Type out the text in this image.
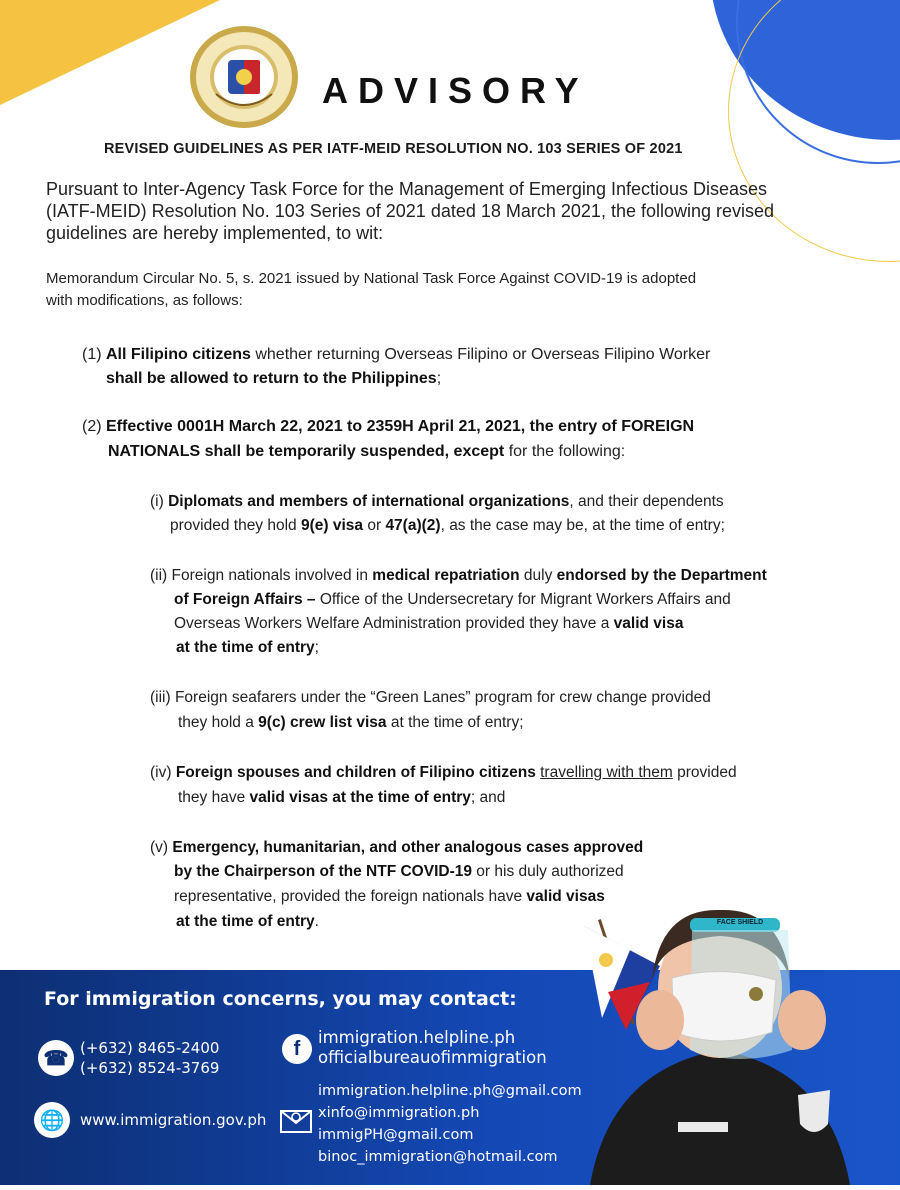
ADVISORY
REVISED GUIDELINES AS PER IATF-MEID RESOLUTION NO. 103 SERIES OF 2021
Pursuant to Inter-Agency Task Force for the Management of Emerging Infectious Diseases
(IATF-MEID) Resolution No. 103 Series of 2021 dated 18 March 2021, the following revised
guidelines are hereby implemented, to wit:
Memorandum Circular No. 5, s. 2021 issued by National Task Force Against COVID-19 is adopted
with modifications, as follows:
(1) All Filipino citizens whether returning Overseas Filipino or Overseas Filipino Worker
shall be allowed to return to the Philippines;
(2) Effective 0001H March 22, 2021 to 2359H April 21, 2021, the entry of FOREIGN
NATIONALS shall be temporarily suspended, except for the following:
(i) Diplomats and members of international organizations, and their dependents
provided they hold 9(e) visa or 47(a)(2), as the case may be, at the time of entry;
(ii) Foreign nationals involved in medical repatriation duly endorsed by the Department
of Foreign Affairs – Office of the Undersecretary for Migrant Workers Affairs and
Overseas Workers Welfare Administration provided they have a valid visa
at the time of entry;
(iii) Foreign seafarers under the “Green Lanes” program for crew change provided
they hold a 9(c) crew list visa at the time of entry;
(iv) Foreign spouses and children of Filipino citizens travelling with them provided
they have valid visas at the time of entry; and
(v) Emergency, humanitarian, and other analogous cases approved
by the Chairperson of the NTF COVID-19 or his duly authorized
representative, provided the foreign nationals have valid visas
at the time of entry.
For immigration concerns, you may contact:
☎ (+632) 8465-2400
(+632) 8524-3769
🌐	www.immigration.gov.ph
f	immigration.helpline.ph
officialbureauofimmigration
immigration.helpline.ph@gmail.com
xinfo@immigration.ph
immigPH@gmail.com
binoc_immigration@hotmail.com
FACE SHIELD
